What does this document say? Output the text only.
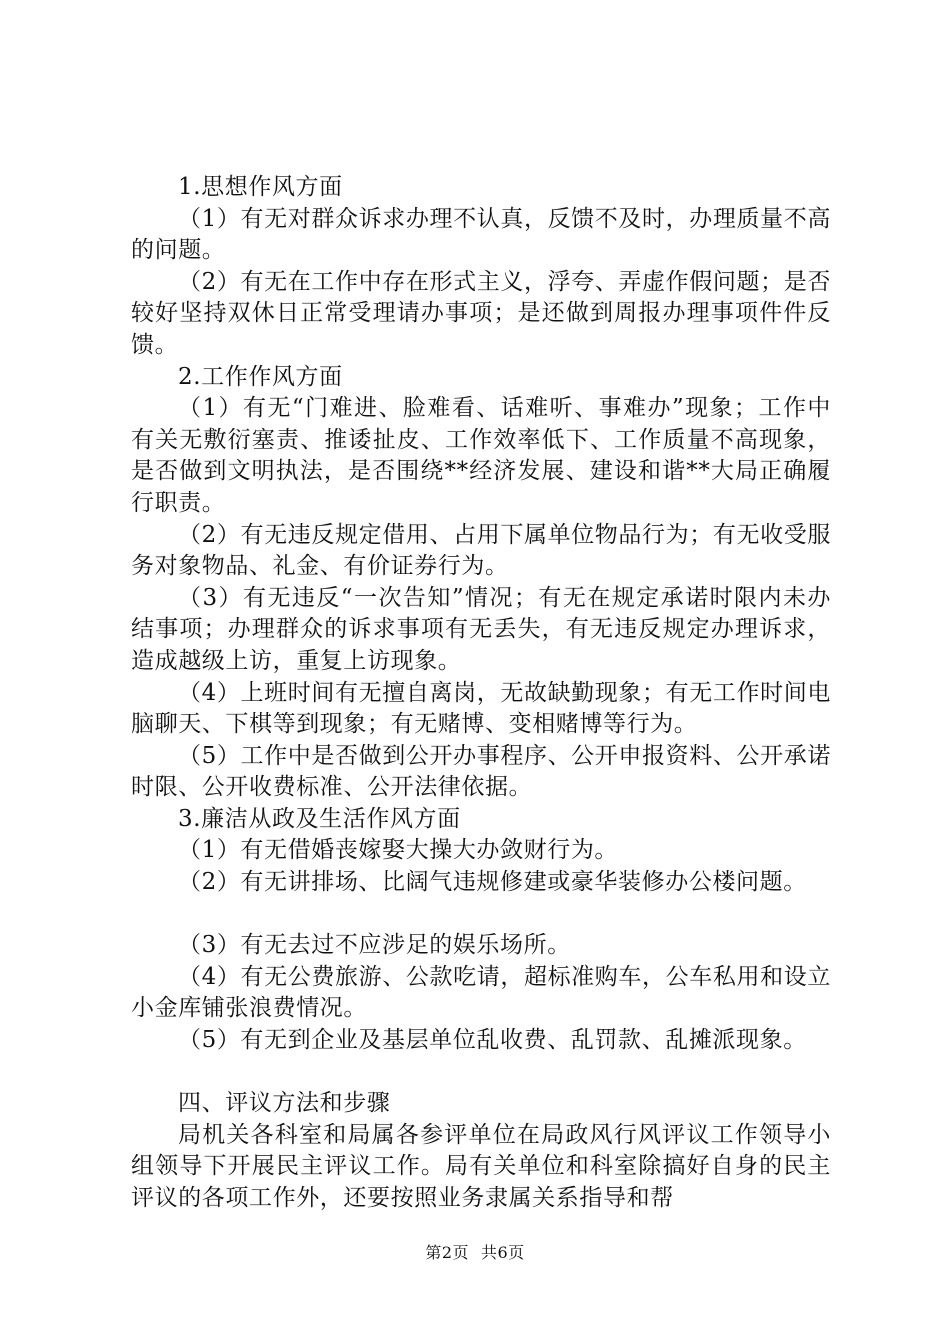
1.思想作风方面

（1）有无对群众诉求办理不认真，反馈不及时，办理质量不高的问题。

（2）有无在工作中存在形式主义，浮夸、弄虚作假问题；是否较好坚持双休日正常受理请办事项；是还做到周报办理事项件件反馈。

2.工作作风方面

（1）有无“门难进、脸难看、话难听、事难办”现象；工作中有关无敷衍塞责、推诿扯皮、工作效率低下、工作质量不高现象，是否做到文明执法，是否围绕**经济发展、建设和谐**大局正确履行职责。

（2）有无违反规定借用、占用下属单位物品行为；有无收受服务对象物品、礼金、有价证券行为。

（3）有无违反“一次告知”情况；有无在规定承诺时限内未办结事项；办理群众的诉求事项有无丢失，有无违反规定办理诉求，造成越级上访，重复上访现象。

（4）上班时间有无擅自离岗，无故缺勤现象；有无工作时间电脑聊天、下棋等到现象；有无赌博、变相赌博等行为。

（5）工作中是否做到公开办事程序、公开申报资料、公开承诺时限、公开收费标准、公开法律依据。

3.廉洁从政及生活作风方面

（1）有无借婚丧嫁娶大操大办敛财行为。

（2）有无讲排场、比阔气违规修建或豪华装修办公楼问题。

（3）有无去过不应涉足的娱乐场所。

（4）有无公费旅游、公款吃请，超标准购车，公车私用和设立小金库铺张浪费情况。

（5）有无到企业及基层单位乱收费、乱罚款、乱摊派现象。

四、评议方法和步骤

局机关各科室和局属各参评单位在局政风行风评议工作领导小组领导下开展民主评议工作。局有关单位和科室除搞好自身的民主评议的各项工作外，还要按照业务隶属关系指导和帮

第2页 共6页
